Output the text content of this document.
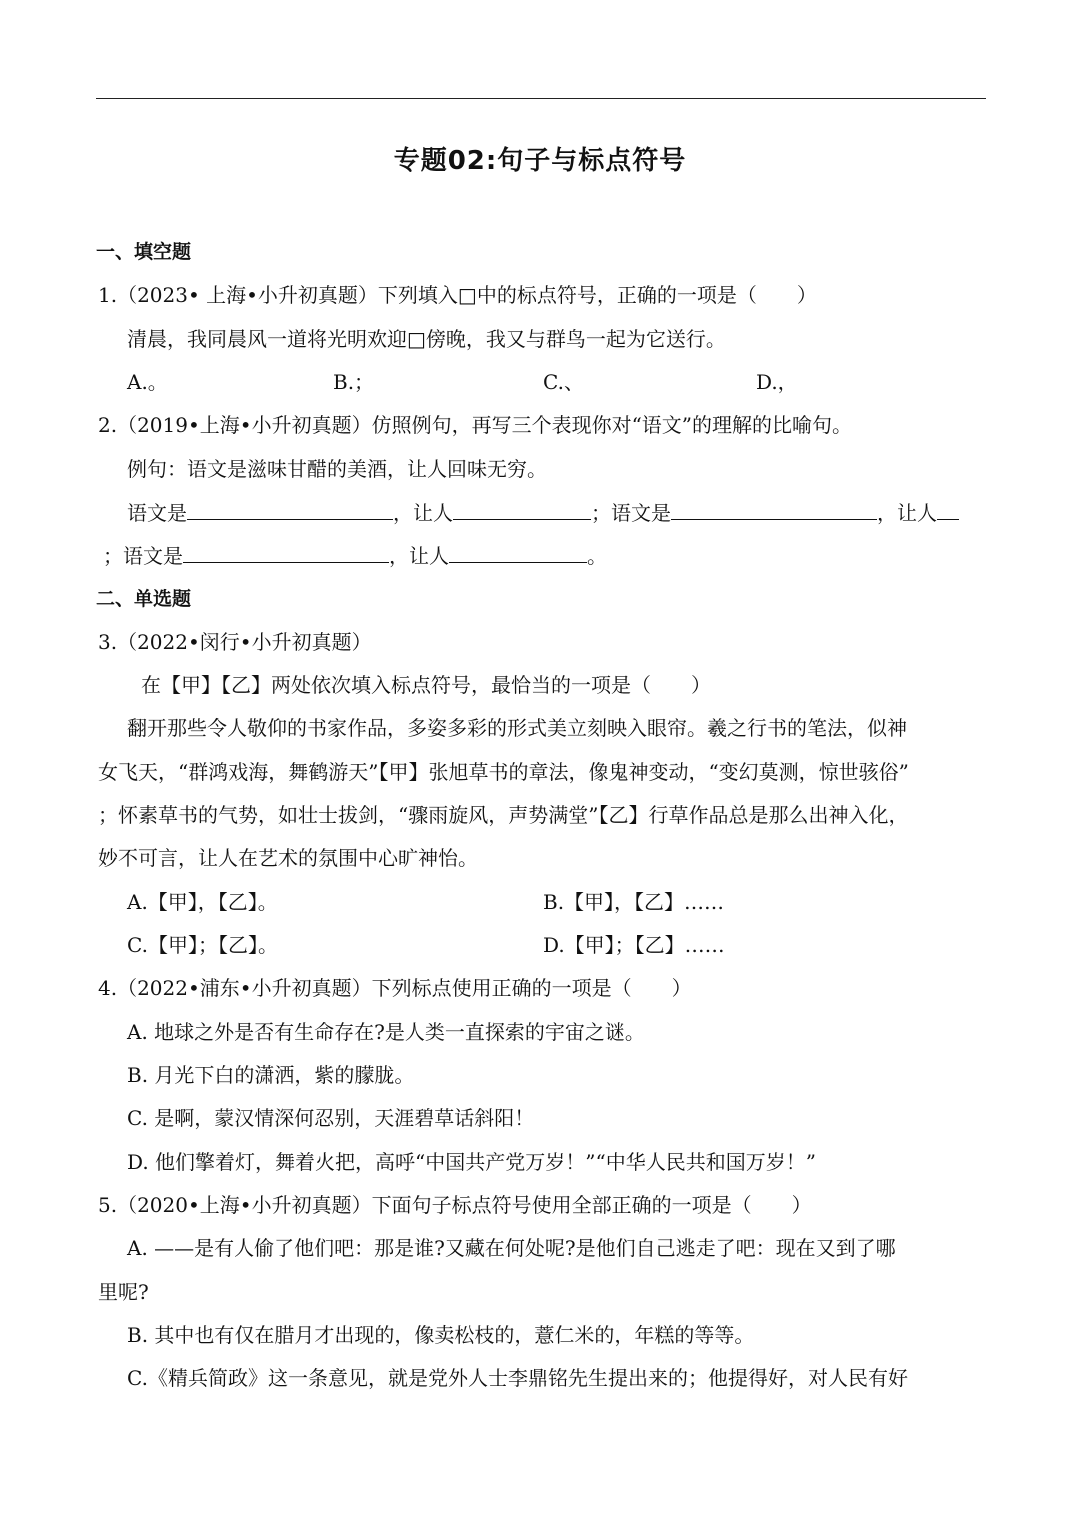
专题02:句子与标点符号
一、填空题
1.（2023• 上海•小升初真题）下列填入□中的标点符号，正确的一项是（　　）
清晨，我同晨风一道将光明欢迎□傍晚，我又与群鸟一起为它送行。
A.。	B.；	C.、	D.，
2.（2019•上海•小升初真题）仿照例句，再写三个表现你对“语文”的理解的比喻句。
例句：语文是滋味甘醋的美酒，让人回味无穷。
语文是	，让人	；语文是	，让人
；语文是	，让人	。
二、单选题
3.（2022•闵行•小升初真题）
在【甲】【乙】两处依次填入标点符号，最恰当的一项是（　　）
翻开那些令人敬仰的书家作品，多姿多彩的形式美立刻映入眼帘。羲之行书的笔法，似神
女飞天，“群鸿戏海，舞鹤游天”【甲】张旭草书的章法，像鬼神变动，“变幻莫测，惊世骇俗”
；怀素草书的气势，如壮士拔剑，“骤雨旋风，声势满堂”【乙】行草作品总是那么出神入化，
妙不可言，让人在艺术的氛围中心旷神怡。
A.【甲】，【乙】。	B.【甲】，【乙】……
C.【甲】；【乙】。	D.【甲】；【乙】……
4.（2022•浦东•小升初真题）下列标点使用正确的一项是（　　）
A. 地球之外是否有生命存在?是人类一直探索的宇宙之谜。
B. 月光下白的潇洒，紫的朦胧。
C. 是啊，蒙汉情深何忍别，天涯碧草话斜阳！
D. 他们擎着灯，舞着火把，高呼“中国共产党万岁！”“中华人民共和国万岁！”
5.（2020•上海•小升初真题）下面句子标点符号使用全部正确的一项是（　　）
A. ——是有人偷了他们吧：那是谁?又藏在何处呢?是他们自己逃走了吧：现在又到了哪
里呢?
B. 其中也有仅在腊月才出现的，像卖松枝的，薏仁米的，年糕的等等。
C.《精兵简政》这一条意见，就是党外人士李鼎铭先生提出来的；他提得好，对人民有好
